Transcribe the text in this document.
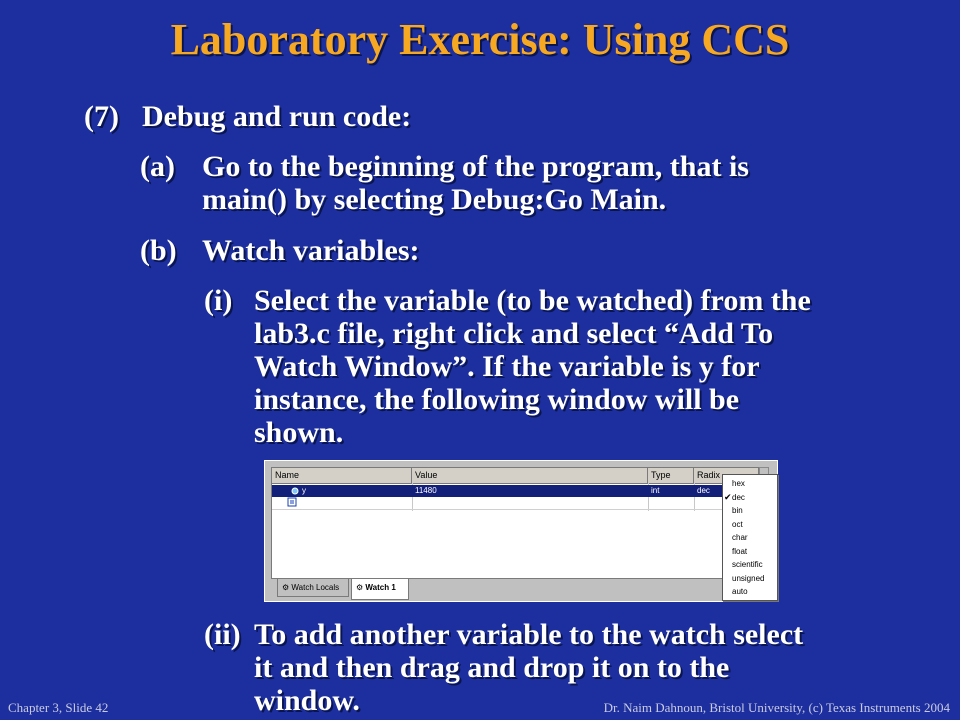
Laboratory Exercise: Using CCS
(7) Debug and run code:
(a) Go to the beginning of the program, that is
main() by selecting Debug:Go Main.
(b) Watch variables:
(i) Select the variable (to be watched) from the
lab3.c file, right click and select “Add To
Watch Window”. If the variable is y for
instance, the following window will be
shown.
Name	Value	Type	Radix
y	11480	int	dec
⚙ Watch Locals	⚙ Watch 1
hex
✔ dec
bin
oct
char
float
scientific
unsigned
auto
(ii) To add another variable to the watch select
it and then drag and drop it on to the
window.
Chapter 3, Slide 42	Dr. Naim Dahnoun, Bristol University, (c) Texas Instruments 2004
